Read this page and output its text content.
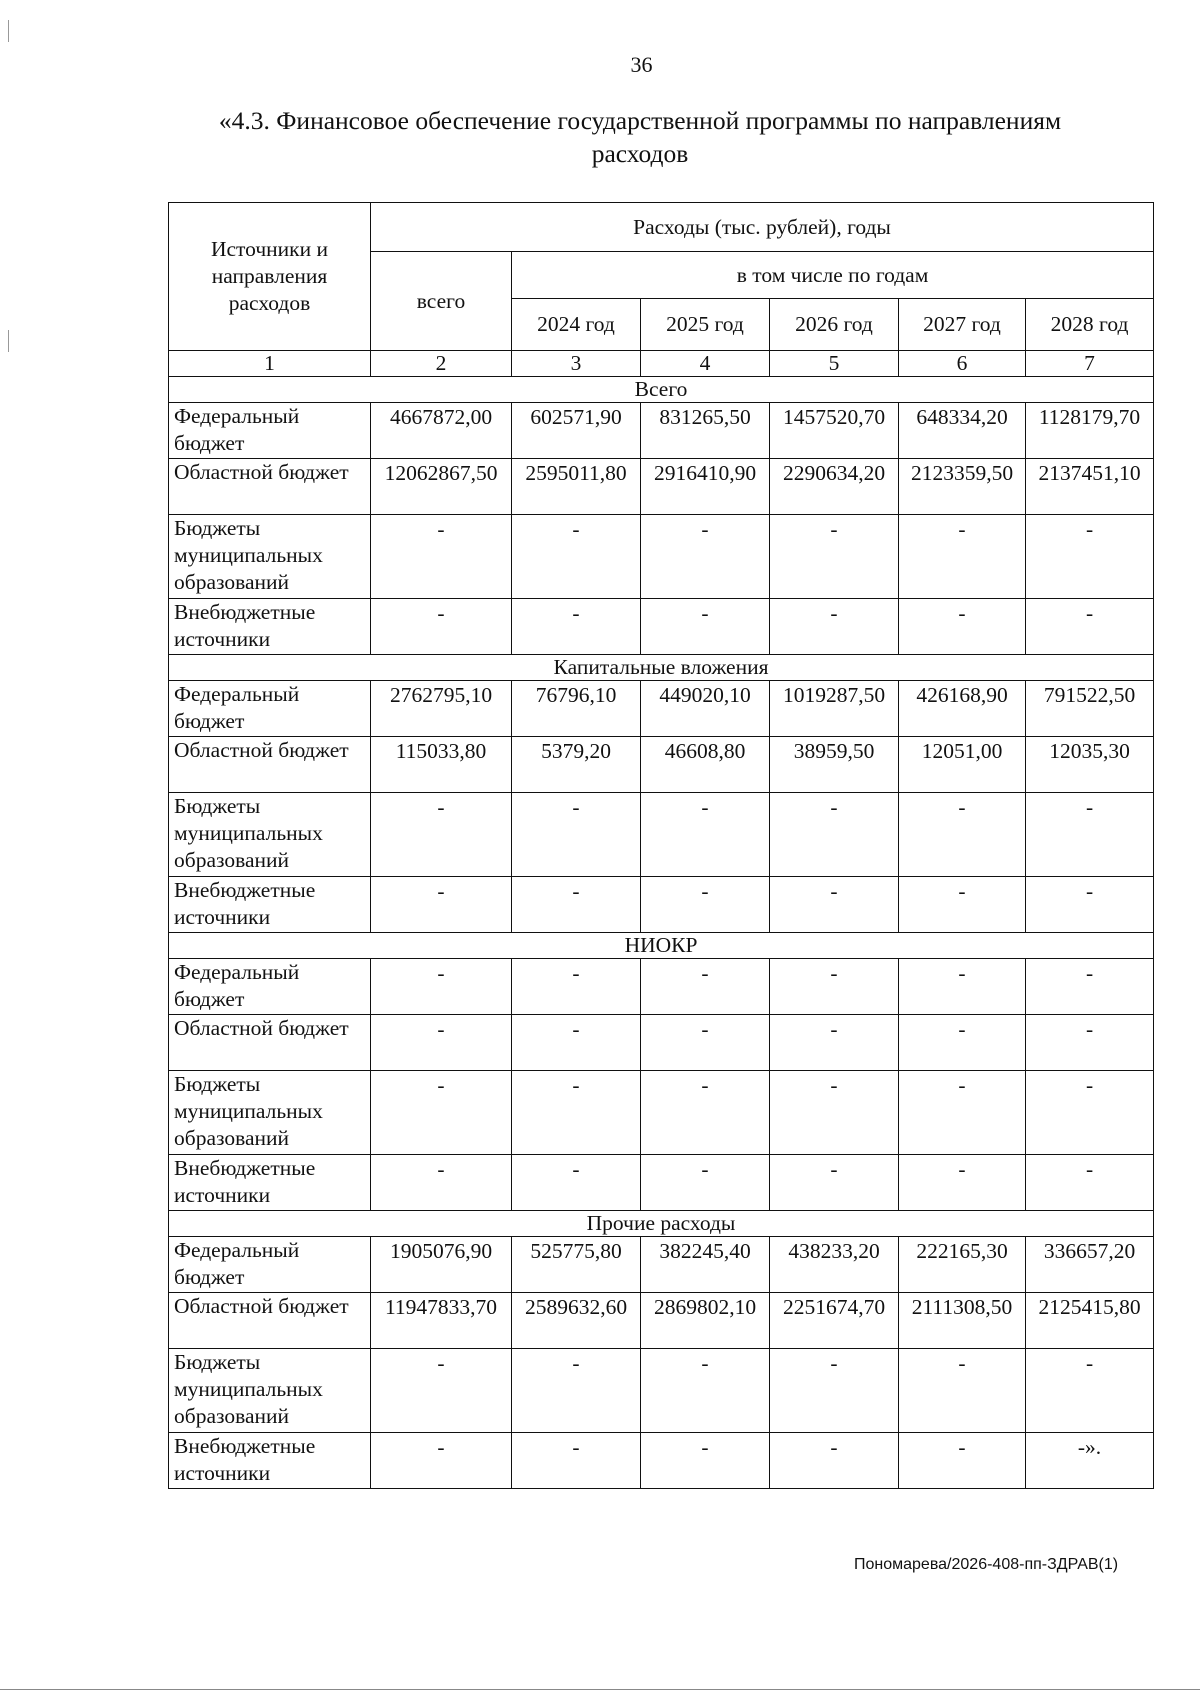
36
«4.3. Финансовое обеспечение государственной программы по направлениям
расходов
Источники и направления расходов	Расходы (тыс. рублей), годы					
	всего	в том числе по годам				
		2024 год	2025 год	2026 год	2027 год	2028 год
1	2	3	4	5	6	7
Всего						
Федеральный бюджет	4667872,00	602571,90	831265,50	1457520,70	648334,20	1128179,70
Областной бюджет	12062867,50	2595011,80	2916410,90	2290634,20	2123359,50	2137451,10
Бюджеты муниципальных образований	-	-	-	-	-	-
Внебюджетные источники	-	-	-	-	-	-
Капитальные вложения						
Федеральный бюджет	2762795,10	76796,10	449020,10	1019287,50	426168,90	791522,50
Областной бюджет	115033,80	5379,20	46608,80	38959,50	12051,00	12035,30
Бюджеты муниципальных образований	-	-	-	-	-	-
Внебюджетные источники	-	-	-	-	-	-
НИОКР						
Федеральный бюджет	-	-	-	-	-	-
Областной бюджет	-	-	-	-	-	-
Бюджеты муниципальных образований	-	-	-	-	-	-
Внебюджетные источники	-	-	-	-	-	-
Прочие расходы						
Федеральный бюджет	1905076,90	525775,80	382245,40	438233,20	222165,30	336657,20
Областной бюджет	11947833,70	2589632,60	2869802,10	2251674,70	2111308,50	2125415,80
Бюджеты муниципальных образований	-	-	-	-	-	-
Внебюджетные источники	-	-	-	-	-	-».
Пономарева/2026-408-пп-ЗДРАВ(1)
